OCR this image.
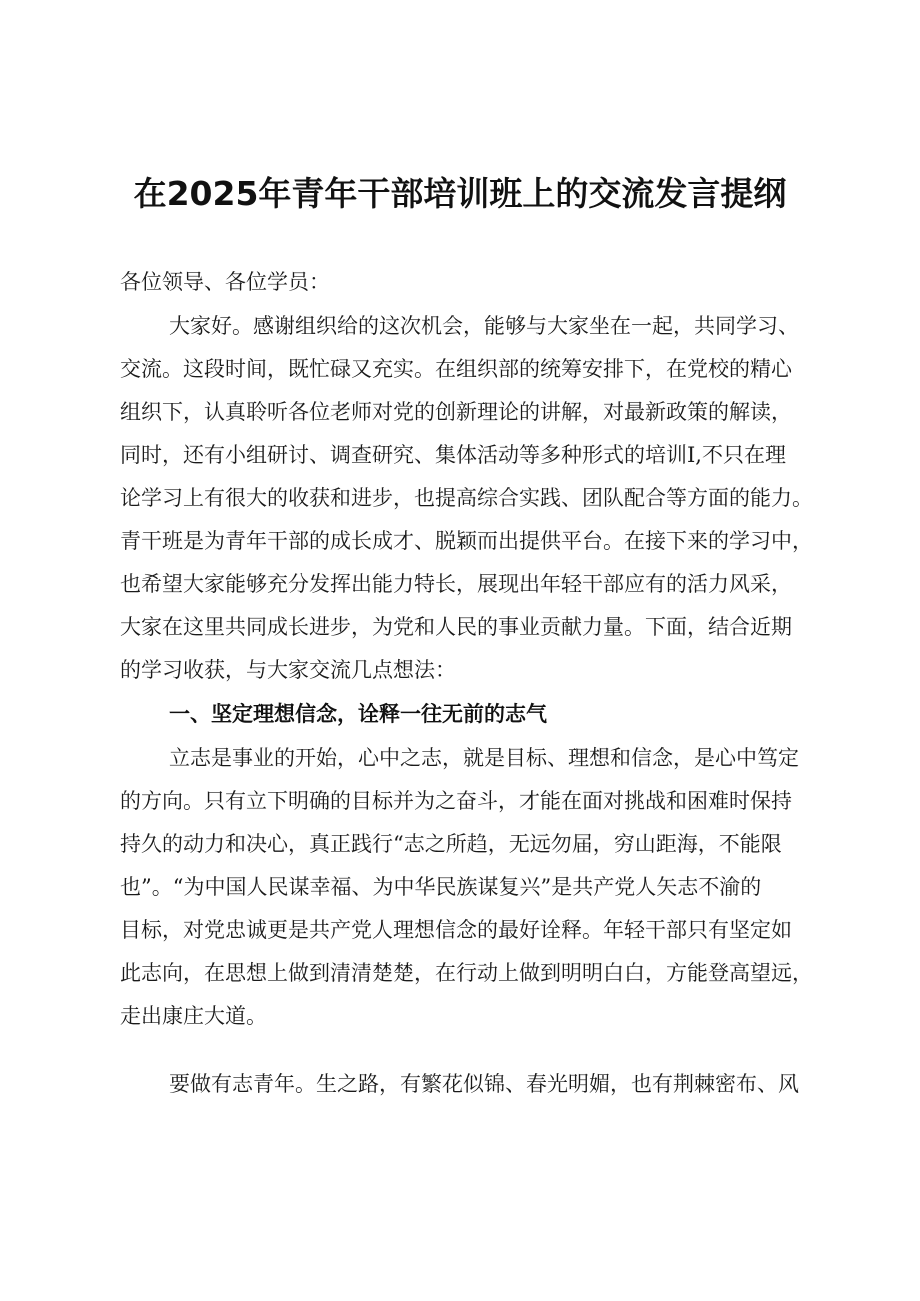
在2025年青年干部培训班上的交流发言提纲
各位领导、各位学员：
大家好。感谢组织给的这次机会，能够与大家坐在一起，共同学习、
交流。这段时间，既忙碌又充实。在组织部的统筹安排下，在党校的精心
组织下，认真聆听各位老师对党的创新理论的讲解，对最新政策的解读，
同时，还有小组研讨、调查研究、集体活动等多种形式的培训I,不只在理
论学习上有很大的收获和进步，也提高综合实践、团队配合等方面的能力。
青干班是为青年干部的成长成才、脱颖而出提供平台。在接下来的学习中，
也希望大家能够充分发挥出能力特长，展现出年轻干部应有的活力风采，
大家在这里共同成长进步，为党和人民的事业贡献力量。下面，结合近期
的学习收获，与大家交流几点想法：
一、坚定理想信念，诠释一往无前的志气
立志是事业的开始，心中之志，就是目标、理想和信念，是心中笃定
的方向。只有立下明确的目标并为之奋斗，才能在面对挑战和困难时保持
持久的动力和决心，真正践行“志之所趋，无远勿届，穷山距海，不能限
也”。“为中国人民谋幸福、为中华民族谋复兴”是共产党人矢志不渝的
目标，对党忠诚更是共产党人理想信念的最好诠释。年轻干部只有坚定如
此志向，在思想上做到清清楚楚，在行动上做到明明白白，方能登高望远，
走出康庄大道。
要做有志青年。生之路，有繁花似锦、春光明媚，也有荆棘密布、风
